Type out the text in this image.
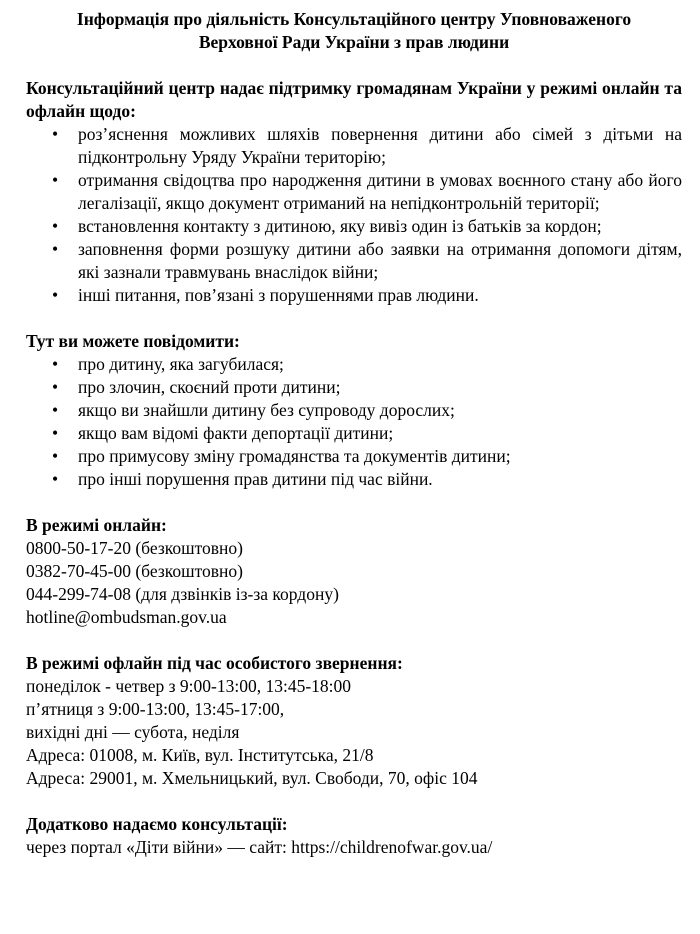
Інформація про діяльність Консультаційного центру Уповноваженого

Верховної Ради України з прав людини

Консультаційний центр надає підтримку громадянам України у режимі онлайн та офлайн щодо:

• роз’яснення можливих шляхів повернення дитини або сімей з дітьми на підконтрольну Уряду України територію;
• отримання свідоцтва про народження дитини в умовах воєнного стану або його легалізації, якщо документ отриманий на непідконтрольній території;
• встановлення контакту з дитиною, яку вивіз один із батьків за кордон;
• заповнення форми розшуку дитини або заявки на отримання допомоги дітям, які зазнали травмувань внаслідок війни;
• інші питання, пов’язані з порушеннями прав людини.

Тут ви можете повідомити:

• про дитину, яка загубилася;
• про злочин, скоєний проти дитини;
• якщо ви знайшли дитину без супроводу дорослих;
• якщо вам відомі факти депортації дитини;
• про примусову зміну громадянства та документів дитини;
• про інші порушення прав дитини під час війни.

В режимі онлайн:

0800-50-17-20 (безкоштовно)

0382-70-45-00 (безкоштовно)

044-299-74-08 (для дзвінків із-за кордону)

hotline@ombudsman.gov.ua

В режимі офлайн під час особистого звернення:

понеділок - четвер з 9:00-13:00, 13:45-18:00

п’ятниця з 9:00-13:00, 13:45-17:00,

вихідні дні — субота, неділя

Адреса: 01008, м. Київ, вул. Інститутська, 21/8

Адреса: 29001, м. Хмельницький, вул. Свободи, 70, офіс 104

Додатково надаємо консультації:

через портал «Діти війни» — сайт: https://childrenofwar.gov.ua/
